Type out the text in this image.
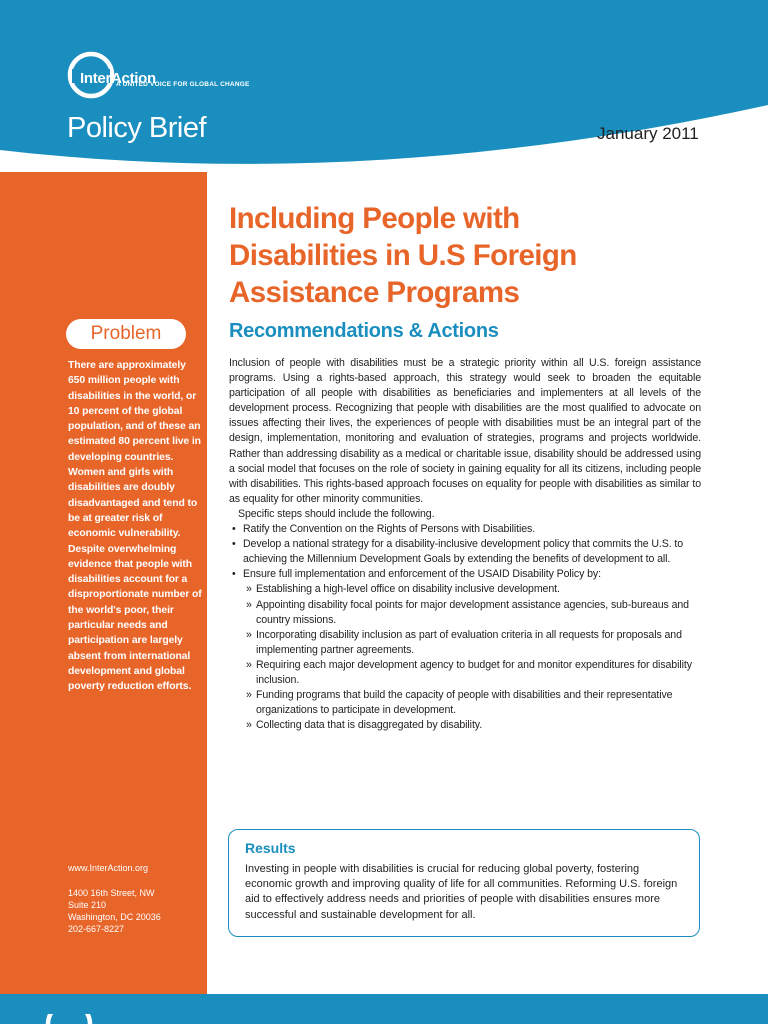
InterAction
A UNITED VOICE FOR GLOBAL CHANGE
Policy Brief	January 2011
Problem

There are approximately 650 million people with disabilities in the world, or 10 percent of the global population, and of these an estimated 80 percent live in developing countries. Women and girls with disabilities are doubly disadvantaged and tend to be at greater risk of economic vulnerability. Despite overwhelming evidence that people with disabilities account for a disproportionate number of the world's poor, their particular needs and participation are largely absent from international development and global poverty reduction efforts.

www.InterAction.org
1400 16th Street, NW
Suite 210
Washington, DC 20036
202-667-8227
Including People with
Disabilities in U.S Foreign
Assistance Programs
Recommendations & Actions

Inclusion of people with disabilities must be a strategic priority within all U.S. foreign assistance programs. Using a rights-based approach, this strategy would seek to broaden the equitable participation of all people with disabilities as beneficiaries and implementers at all levels of the development process. Recognizing that people with disabilities are the most qualified to advocate on issues affecting their lives, the experiences of people with disabilities must be an integral part of the design, implementation, monitoring and evaluation of strategies, programs and projects worldwide. Rather than addressing disability as a medical or charitable issue, disability should be addressed using a social model that focuses on the role of society in gaining equality for all its citizens, including people with disabilities. This rights-based approach focuses on equality for people with disabilities as similar to as equality for other minority communities.

Specific steps should include the following.

• Ratify the Convention on the Rights of Persons with Disabilities.
• Develop a national strategy for a disability-inclusive development policy that commits the U.S. to achieving the Millennium Development Goals by extending the benefits of development to all.
• Ensure full implementation and enforcement of the USAID Disability Policy by:
» Establishing a high-level office on disability inclusive development.
» Appointing disability focal points for major development assistance agencies, sub-bureaus and country missions.
» Incorporating disability inclusion as part of evaluation criteria in all requests for proposals and implementing partner agreements.
» Requiring each major development agency to budget for and monitor expenditures for disability inclusion.
» Funding programs that build the capacity of people with disabilities and their representative organizations to participate in development.
» Collecting data that is disaggregated by disability.
Results

Investing in people with disabilities is crucial for reducing global poverty, fostering economic growth and improving quality of life for all communities. Reforming U.S. foreign aid to effectively address needs and priorities of people with disabilities ensures more successful and sustainable development for all.
